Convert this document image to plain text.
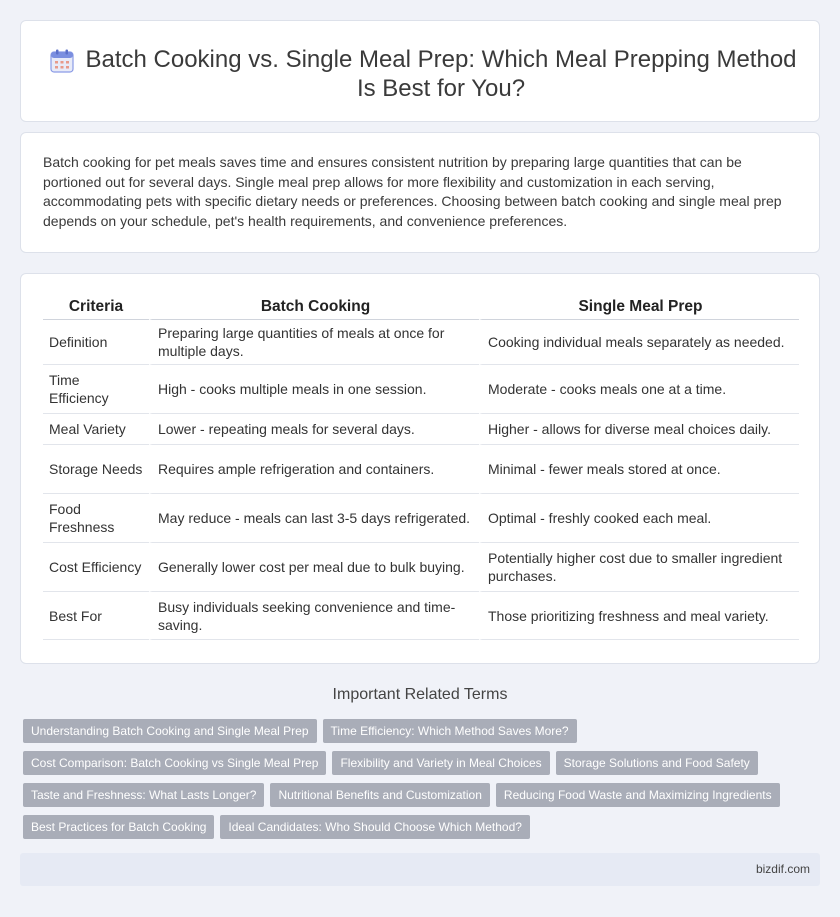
Batch Cooking vs. Single Meal Prep: Which Meal Prepping Method Is Best for You?

Batch cooking for pet meals saves time and ensures consistent nutrition by preparing large quantities that can be portioned out for several days. Single meal prep allows for more flexibility and customization in each serving, accommodating pets with specific dietary needs or preferences. Choosing between batch cooking and single meal prep depends on your schedule, pet's health requirements, and convenience preferences.

Criteria	Batch Cooking	Single Meal Prep
Definition	Preparing large quantities of meals at once for multiple days.	Cooking individual meals separately as needed.
Time Efficiency	High - cooks multiple meals in one session.	Moderate - cooks meals one at a time.
Meal Variety	Lower - repeating meals for several days.	Higher - allows for diverse meal choices daily.
Storage Needs	Requires ample refrigeration and containers.	Minimal - fewer meals stored at once.
Food Freshness	May reduce - meals can last 3-5 days refrigerated.	Optimal - freshly cooked each meal.
Cost Efficiency	Generally lower cost per meal due to bulk buying.	Potentially higher cost due to smaller ingredient purchases.
Best For	Busy individuals seeking convenience and time-saving.	Those prioritizing freshness and meal variety.
Important Related Terms
Understanding Batch Cooking and Single Meal Prep	Time Efficiency: Which Method Saves More?
Cost Comparison: Batch Cooking vs Single Meal Prep	Flexibility and Variety in Meal Choices	Storage Solutions and Food Safety
Taste and Freshness: What Lasts Longer?	Nutritional Benefits and Customization	Reducing Food Waste and Maximizing Ingredients
Best Practices for Batch Cooking	Ideal Candidates: Who Should Choose Which Method?
bizdif.com
